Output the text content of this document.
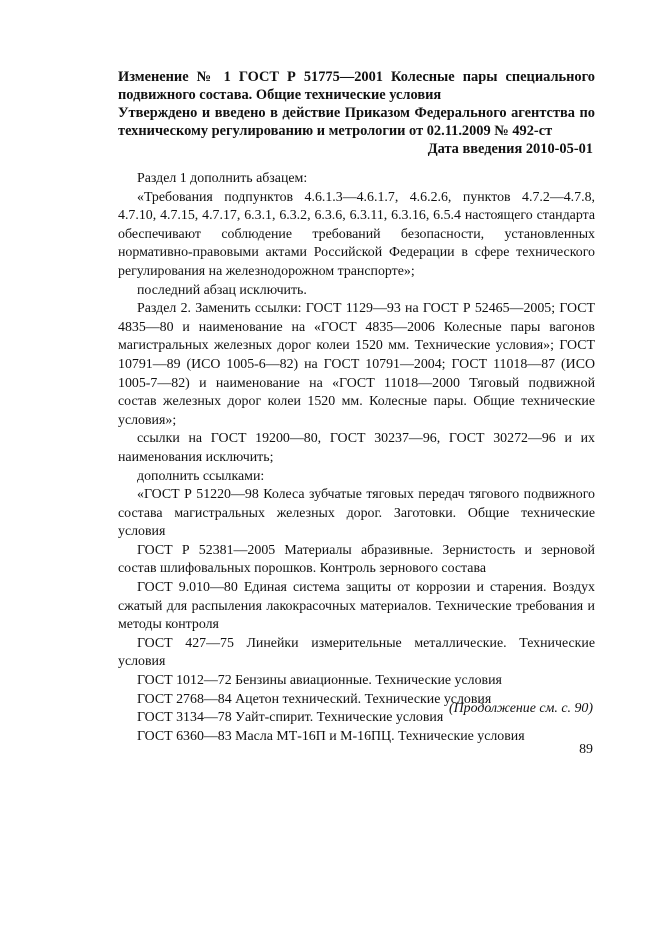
Изменение № 1 ГОСТ Р 51775—2001 Колесные пары специального подвижного состава. Общие технические условия
Утверждено и введено в действие Приказом Федерального агентства по техническому регулированию и метрологии от 02.11.2009 № 492-ст
Дата введения 2010-05-01

Раздел 1 дополнить абзацем:

«Требования подпунктов 4.6.1.3—4.6.1.7, 4.6.2.6, пунктов 4.7.2—4.7.8, 4.7.10, 4.7.15, 4.7.17, 6.3.1, 6.3.2, 6.3.6, 6.3.11, 6.3.16, 6.5.4 настоящего стандарта обеспечивают соблюдение требований безопасности, установленных нормативно-правовыми актами Российской Федерации в сфере технического регулирования на железнодорожном транспорте»;

последний абзац исключить.

Раздел 2. Заменить ссылки: ГОСТ 1129—93 на ГОСТ Р 52465—2005; ГОСТ 4835—80 и наименование на «ГОСТ 4835—2006 Колесные пары вагонов магистральных железных дорог колеи 1520 мм. Технические условия»; ГОСТ 10791—89 (ИСО 1005-6—82) на ГОСТ 10791—2004; ГОСТ 11018—87 (ИСО 1005-7—82) и наименование на «ГОСТ 11018—2000 Тяговый подвижной состав железных дорог колеи 1520 мм. Колесные пары. Общие технические условия»;

ссылки на ГОСТ 19200—80, ГОСТ 30237—96, ГОСТ 30272—96 и их наименования исключить;

дополнить ссылками:

«ГОСТ Р 51220—98 Колеса зубчатые тяговых передач тягового подвижного состава магистральных железных дорог. Заготовки. Общие технические условия

ГОСТ Р 52381—2005 Материалы абразивные. Зернистость и зерновой состав шлифовальных порошков. Контроль зернового состава

ГОСТ 9.010—80 Единая система защиты от коррозии и старения. Воздух сжатый для распыления лакокрасочных материалов. Технические требования и методы контроля

ГОСТ 427—75 Линейки измерительные металлические. Технические условия

ГОСТ 1012—72 Бензины авиационные. Технические условия

ГОСТ 2768—84 Ацетон технический. Технические условия

ГОСТ 3134—78 Уайт-спирит. Технические условия

ГОСТ 6360—83 Масла МТ-16П и М-16ПЦ. Технические условия

(Продолжение см. с. 90)
89
